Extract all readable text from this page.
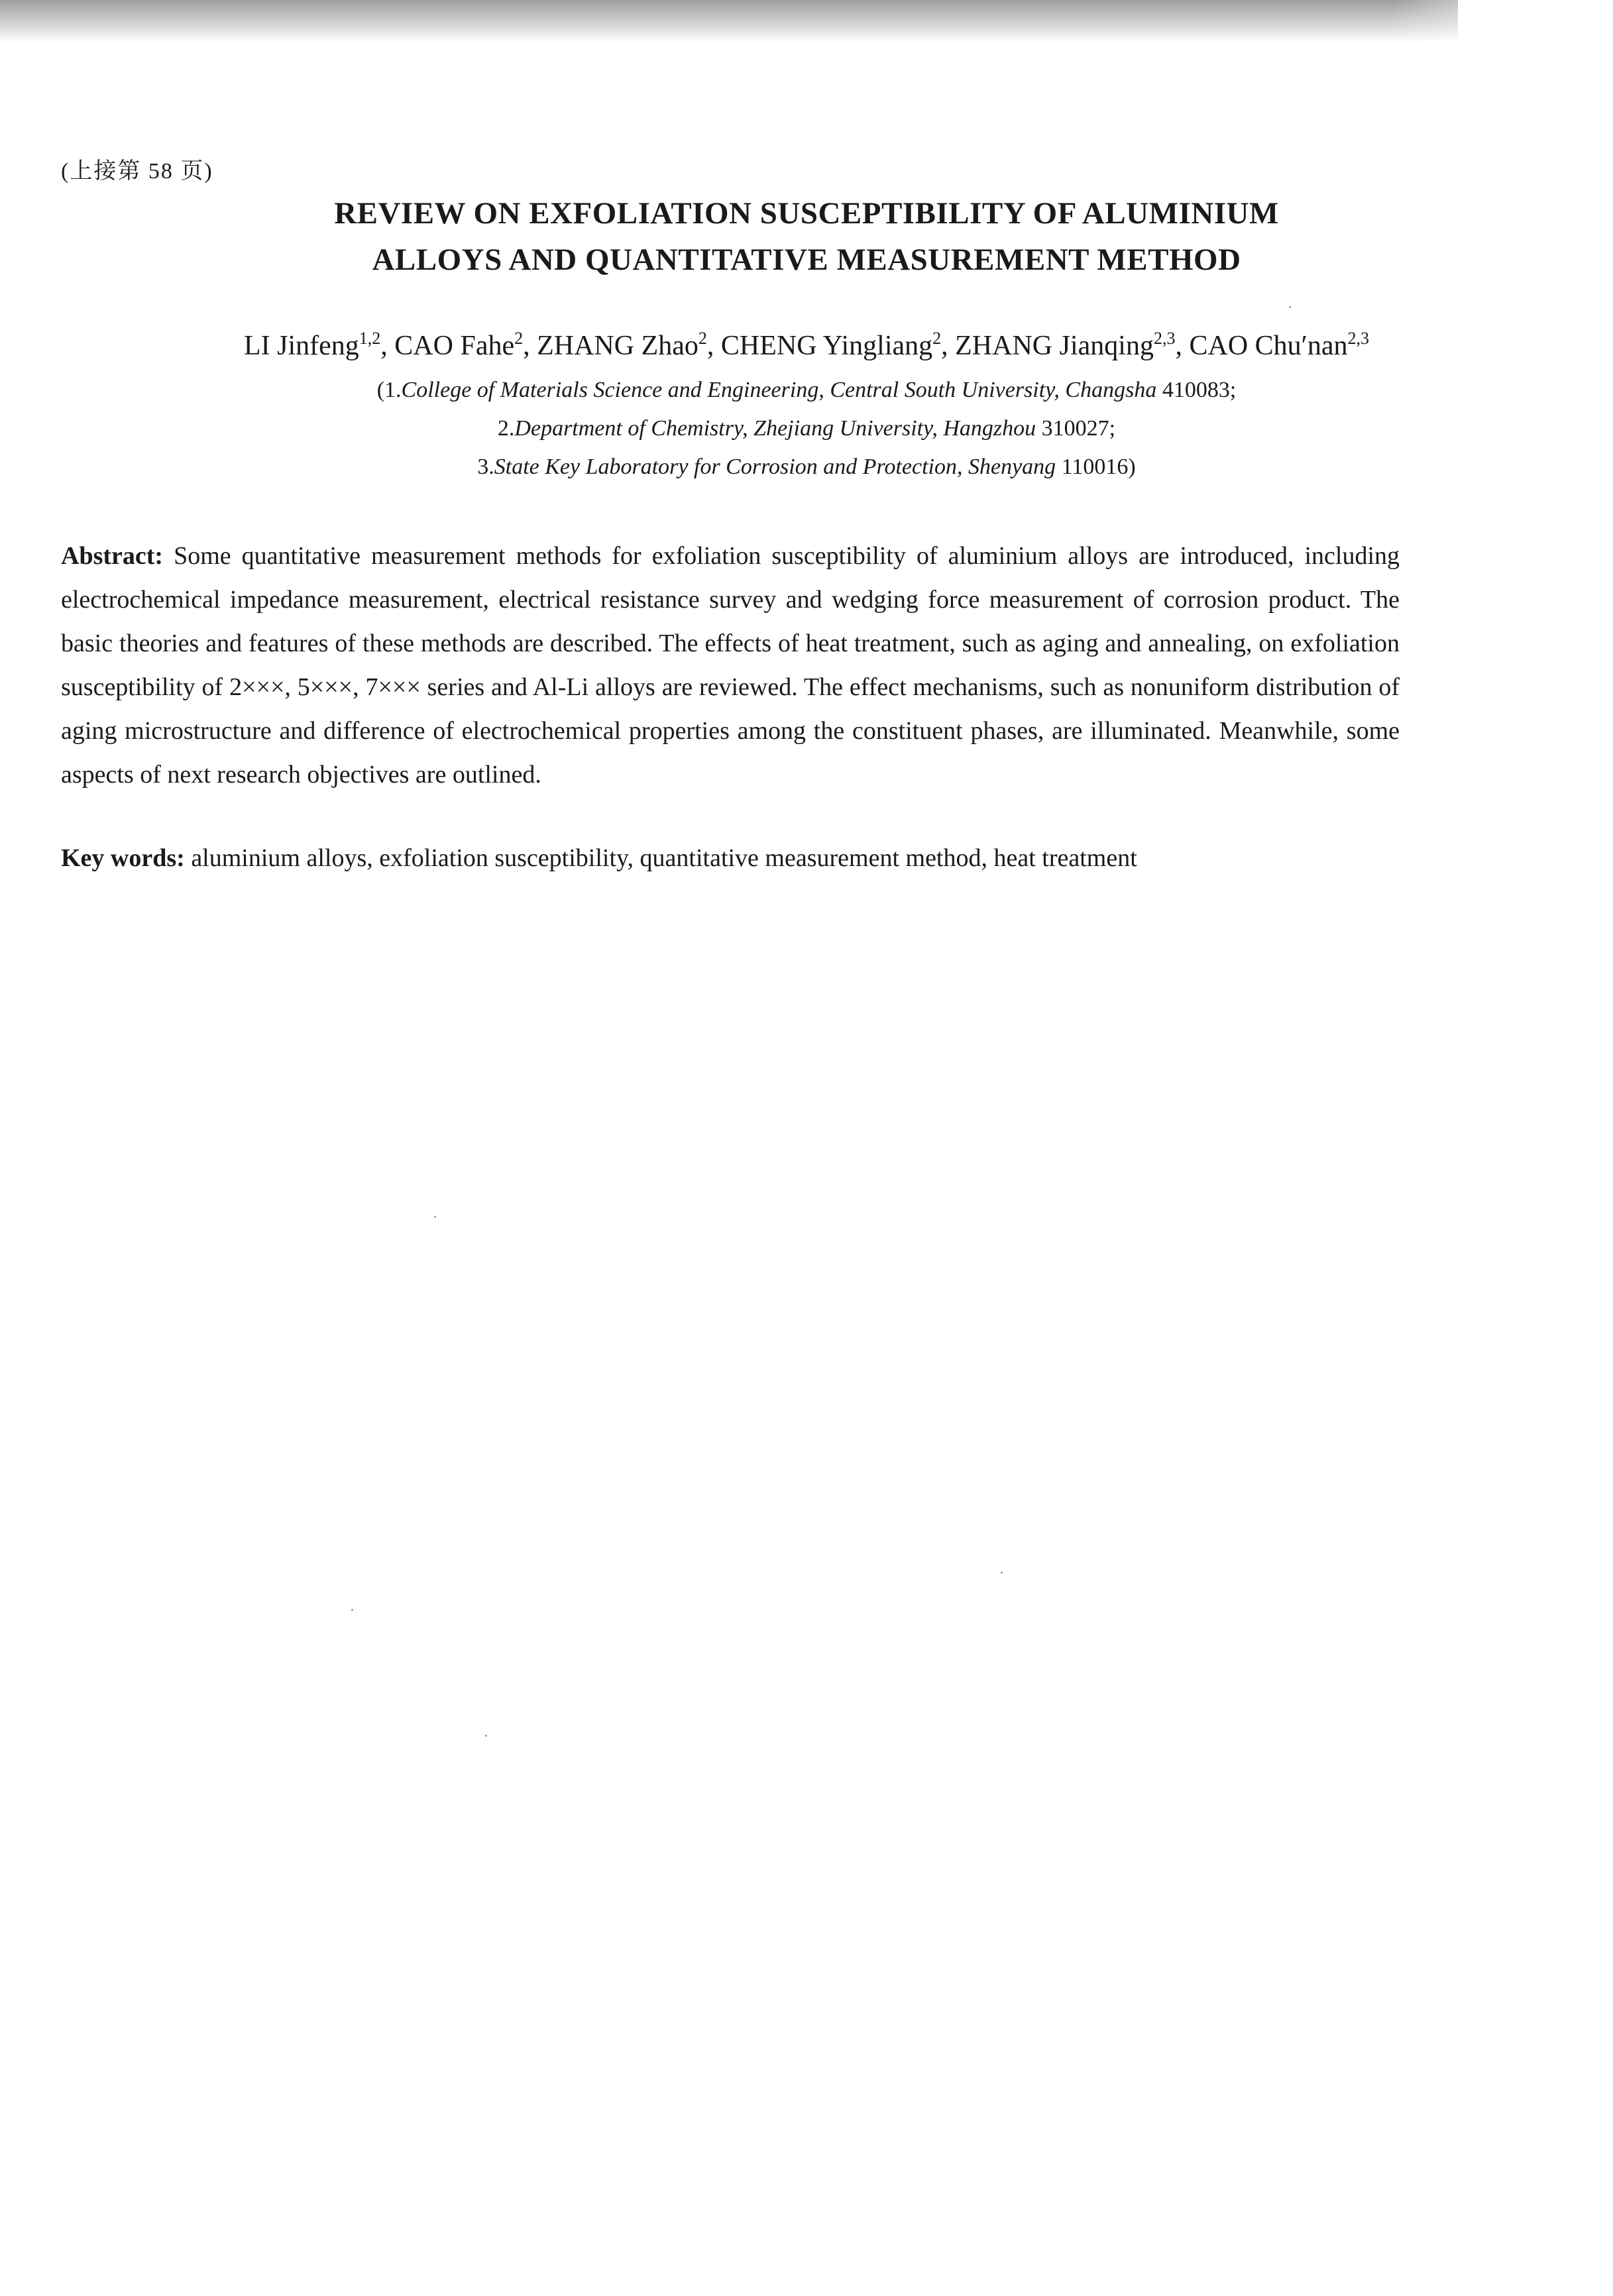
(上接第 58 页)
REVIEW ON EXFOLIATION SUSCEPTIBILITY OF ALUMINIUM
ALLOYS AND QUANTITATIVE MEASUREMENT METHOD
LI Jinfeng$^{1,2}$, CAO Fahe$^2$, ZHANG Zhao$^2$, CHENG Yingliang$^2$, ZHANG Jianqing$^{2,3}$, CAO Chu′nan$^{2,3}$
(1.College of Materials Science and Engineering, Central South University, Changsha 410083;
2.Department of Chemistry, Zhejiang University, Hangzhou 310027;
3.State Key Laboratory for Corrosion and Protection, Shenyang 110016)
Abstract: Some quantitative measurement methods for exfoliation susceptibility of aluminium alloys are introduced, including electrochemical impedance measurement, electrical resistance survey and wedging force measurement of corrosion product. The basic theories and features of these methods are described. The effects of heat treatment, such as aging and annealing, on exfoliation susceptibility of 2×××, 5×××, 7××× series and Al-Li alloys are reviewed. The effect mechanisms, such as nonuniform distribution of aging microstructure and difference of electrochemical properties among the constituent phases, are illuminated. Meanwhile, some aspects of next research objectives are outlined.
Key words: aluminium alloys, exfoliation susceptibility, quantitative measurement method, heat treatment
